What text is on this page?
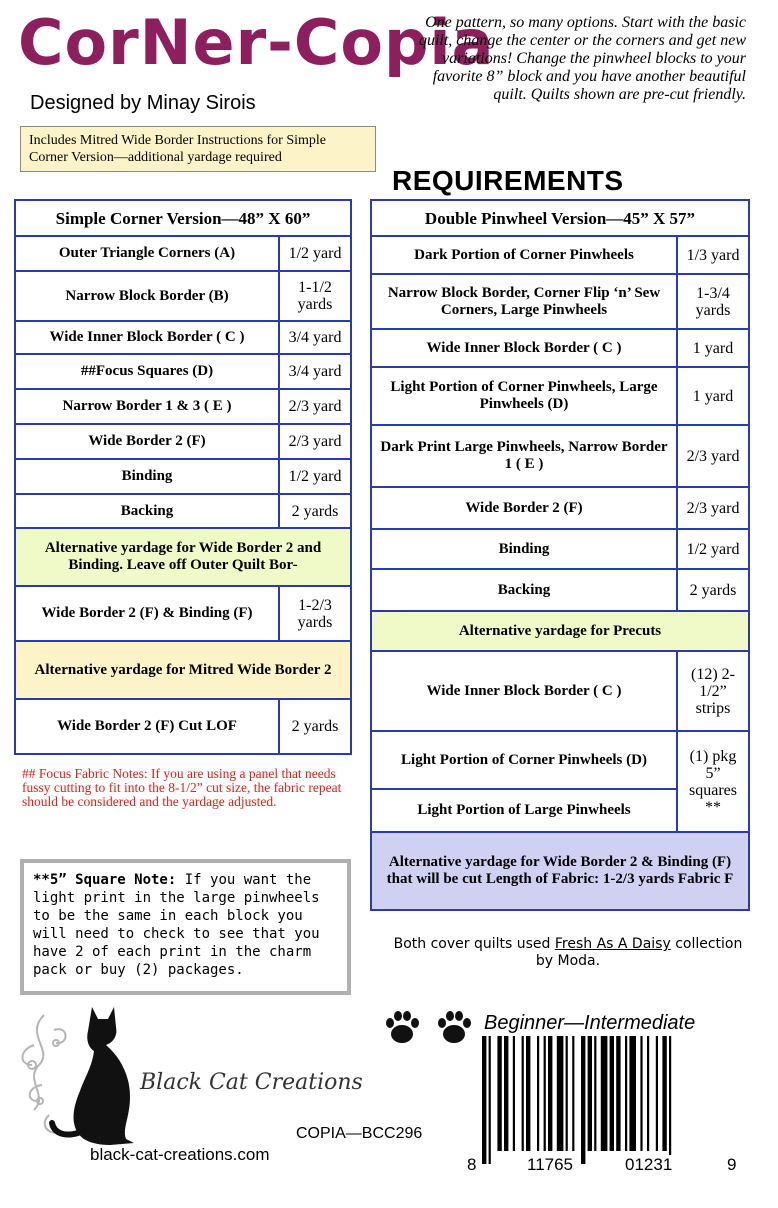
CorNer-Copia
Designed by Minay Sirois
Includes Mitred Wide Border Instructions for Simple Corner Version—additional yardage required
One pattern, so many options. Start with the basic quilt, change the center or the corners and get new variations! Change the pinwheel blocks to your favorite 8” block and you have another beautiful quilt. Quilts shown are pre-cut friendly.
REQUIREMENTS
Simple Corner Version—48” X 60”	
Outer Triangle Corners (A)	1/2 yard
Narrow Block Border (B)	1-1/2 yards
Wide Inner Block Border ( C )	3/4 yard
##Focus Squares (D)	3/4 yard
Narrow Border 1 & 3 ( E )	2/3 yard
Wide Border 2 (F)	2/3 yard
Binding	1/2 yard
Backing	2 yards
Alternative yardage for Wide Border 2 and Binding. Leave off Outer Quilt Bor-	
Wide Border 2 (F) & Binding (F)	1-2/3 yards
Alternative yardage for Mitred Wide Border 2	
Wide Border 2 (F) Cut LOF	2 yards
Double Pinwheel Version—45” X 57”	
Dark Portion of Corner Pinwheels	1/3 yard
Narrow Block Border, Corner Flip ‘n’ Sew Corners, Large Pinwheels	1-3/4 yards
Wide Inner Block Border ( C )	1 yard
Light Portion of Corner Pinwheels, Large Pinwheels (D)	1 yard
Dark Print Large Pinwheels, Narrow Border 1 ( E )	2/3 yard
Wide Border 2 (F)	2/3 yard
Binding	1/2 yard
Backing	2 yards
Alternative yardage for Precuts	
Wide Inner Block Border ( C )	(12) 2-1/2” strips
Light Portion of Corner Pinwheels (D)	(1) pkg 5” squares **
Light Portion of Large Pinwheels	
Alternative yardage for Wide Border 2 & Binding (F) that will be cut Length of Fabric: 1-2/3 yards Fabric F	
## Focus Fabric Notes: If you are using a panel that needs fussy cutting to fit into the 8-1/2” cut size, the fabric repeat should be considered and the yardage adjusted.
**5” Square Note: If you want the light print in the large pinwheels to be the same in each block you will need to check to see that you have 2 of each print in the charm pack or buy (2) packages.
Both cover quilts used Fresh As A Daisy collection by Moda.
Black Cat Creations
black-cat-creations.com
COPIA—BCC296
Beginner—Intermediate
8	11765	01231	9
